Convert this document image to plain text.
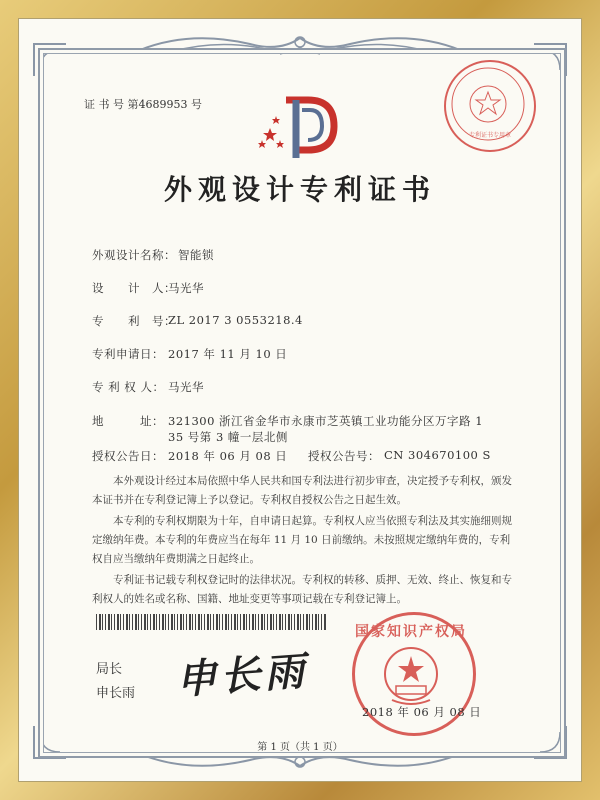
证 书 号 第4689953 号
专利证书专用章
外观设计专利证书
外观设计名称： 智能锁
设　　计　人：
马光华
专　　利　号：
ZL 2017 3 0553218.4
专利申请日： 2017 年 11 月 10 日
专 利 权 人： 马光华
地　　　址： 321300 浙江省金华市永康市芝英镇工业功能分区万字路 1
35 号第 3 幢一层北侧
授权公告日： 2018 年 06 月 08 日 授权公告号： CN 304670100 S
本外观设计经过本局依照中华人民共和国专利法进行初步审查，决定授予专利权，颁发本证书并在专利登记簿上予以登记。专利权自授权公告之日起生效。
本专利的专利权期限为十年，自申请日起算。专利权人应当依照专利法及其实施细则规定缴纳年费。本专利的年费应当在每年 11 月 10 日前缴纳。未按照规定缴纳年费的，专利权自应当缴纳年费期满之日起终止。
专利证书记载专利权登记时的法律状况。专利权的转移、质押、无效、终止、恢复和专利权人的姓名或名称、国籍、地址变更等事项记载在专利登记簿上。
局长
申长雨 申长雨
国家知识产权局
2018 年 06 月 08 日
第 1 页（共 1 页）
